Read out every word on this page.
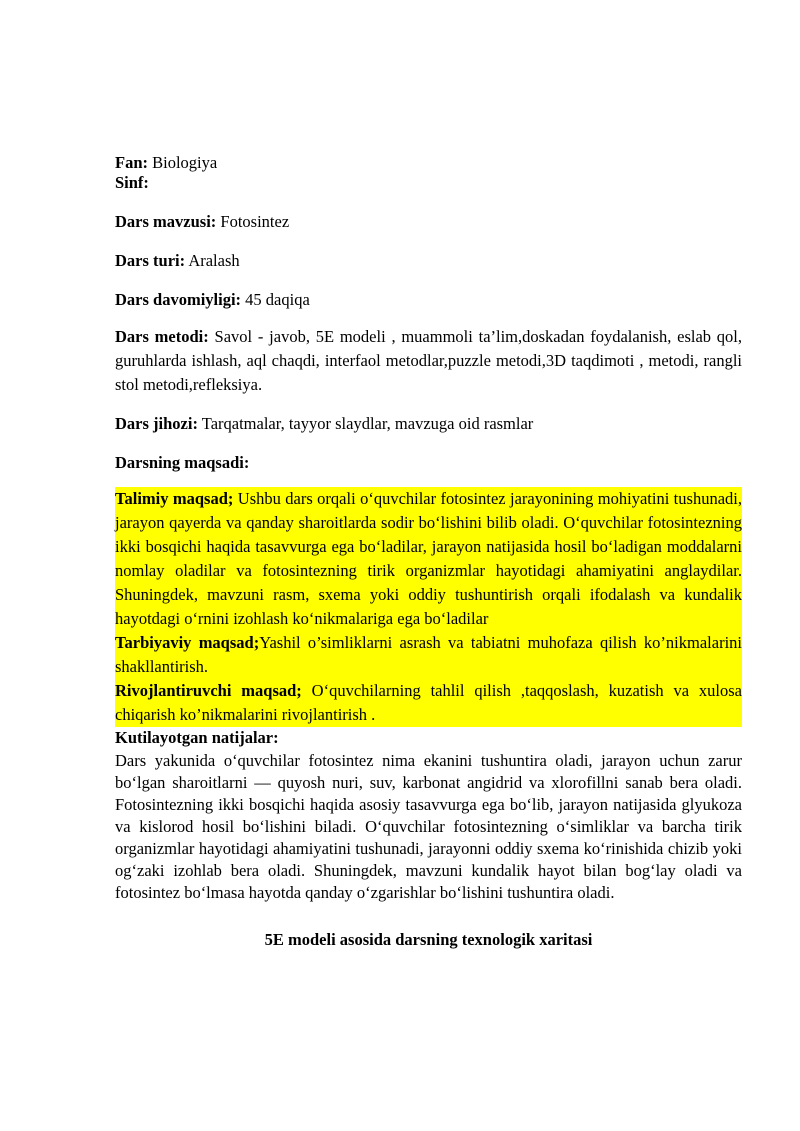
Fan: Biologiya

Sinf:

Dars mavzusi: Fotosintez

Dars turi: Aralash

Dars davomiyligi: 45 daqiqa

Dars metodi: Savol - javob, 5E modeli , muammoli ta’lim,doskadan foydalanish, eslab qol, guruhlarda ishlash, aql chaqdi, interfaol metodlar,puzzle metodi,3D taqdimoti , metodi, rangli stol metodi,refleksiya.

Dars jihozi: Tarqatmalar, tayyor slaydlar, mavzuga oid rasmlar

Darsning maqsadi:

Talimiy maqsad; Ushbu dars orqali o‘quvchilar fotosintez jarayonining mohiyatini tushunadi, jarayon qayerda va qanday sharoitlarda sodir bo‘lishini bilib oladi. O‘quvchilar fotosintezning ikki bosqichi haqida tasavvurga ega bo‘ladilar, jarayon natijasida hosil bo‘ladigan moddalarni nomlay oladilar va fotosintezning tirik organizmlar hayotidagi ahamiyatini anglaydilar. Shuningdek, mavzuni rasm, sxema yoki oddiy tushuntirish orqali ifodalash va kundalik hayotdagi o‘rnini izohlash ko‘nikmalariga ega bo‘ladilar

Tarbiyaviy maqsad;Yashil o’simliklarni asrash va tabiatni muhofaza qilish ko’nikmalarini shakllantirish.

Rivojlantiruvchi maqsad; O‘quvchilarning tahlil qilish ,taqqoslash, kuzatish va xulosa chiqarish ko’nikmalarini rivojlantirish .

Kutilayotgan natijalar:

Dars yakunida o‘quvchilar fotosintez nima ekanini tushuntira oladi, jarayon uchun zarur bo‘lgan sharoitlarni — quyosh nuri, suv, karbonat angidrid va xlorofillni sanab bera oladi. Fotosintezning ikki bosqichi haqida asosiy tasavvurga ega bo‘lib, jarayon natijasida glyukoza va kislorod hosil bo‘lishini biladi. O‘quvchilar fotosintezning o‘simliklar va barcha tirik organizmlar hayotidagi ahamiyatini tushunadi, jarayonni oddiy sxema ko‘rinishida chizib yoki og‘zaki izohlab bera oladi. Shuningdek, mavzuni kundalik hayot bilan bog‘lay oladi va fotosintez bo‘lmasa hayotda qanday o‘zgarishlar bo‘lishini tushuntira oladi.

5E modeli asosida darsning texnologik xaritasi
